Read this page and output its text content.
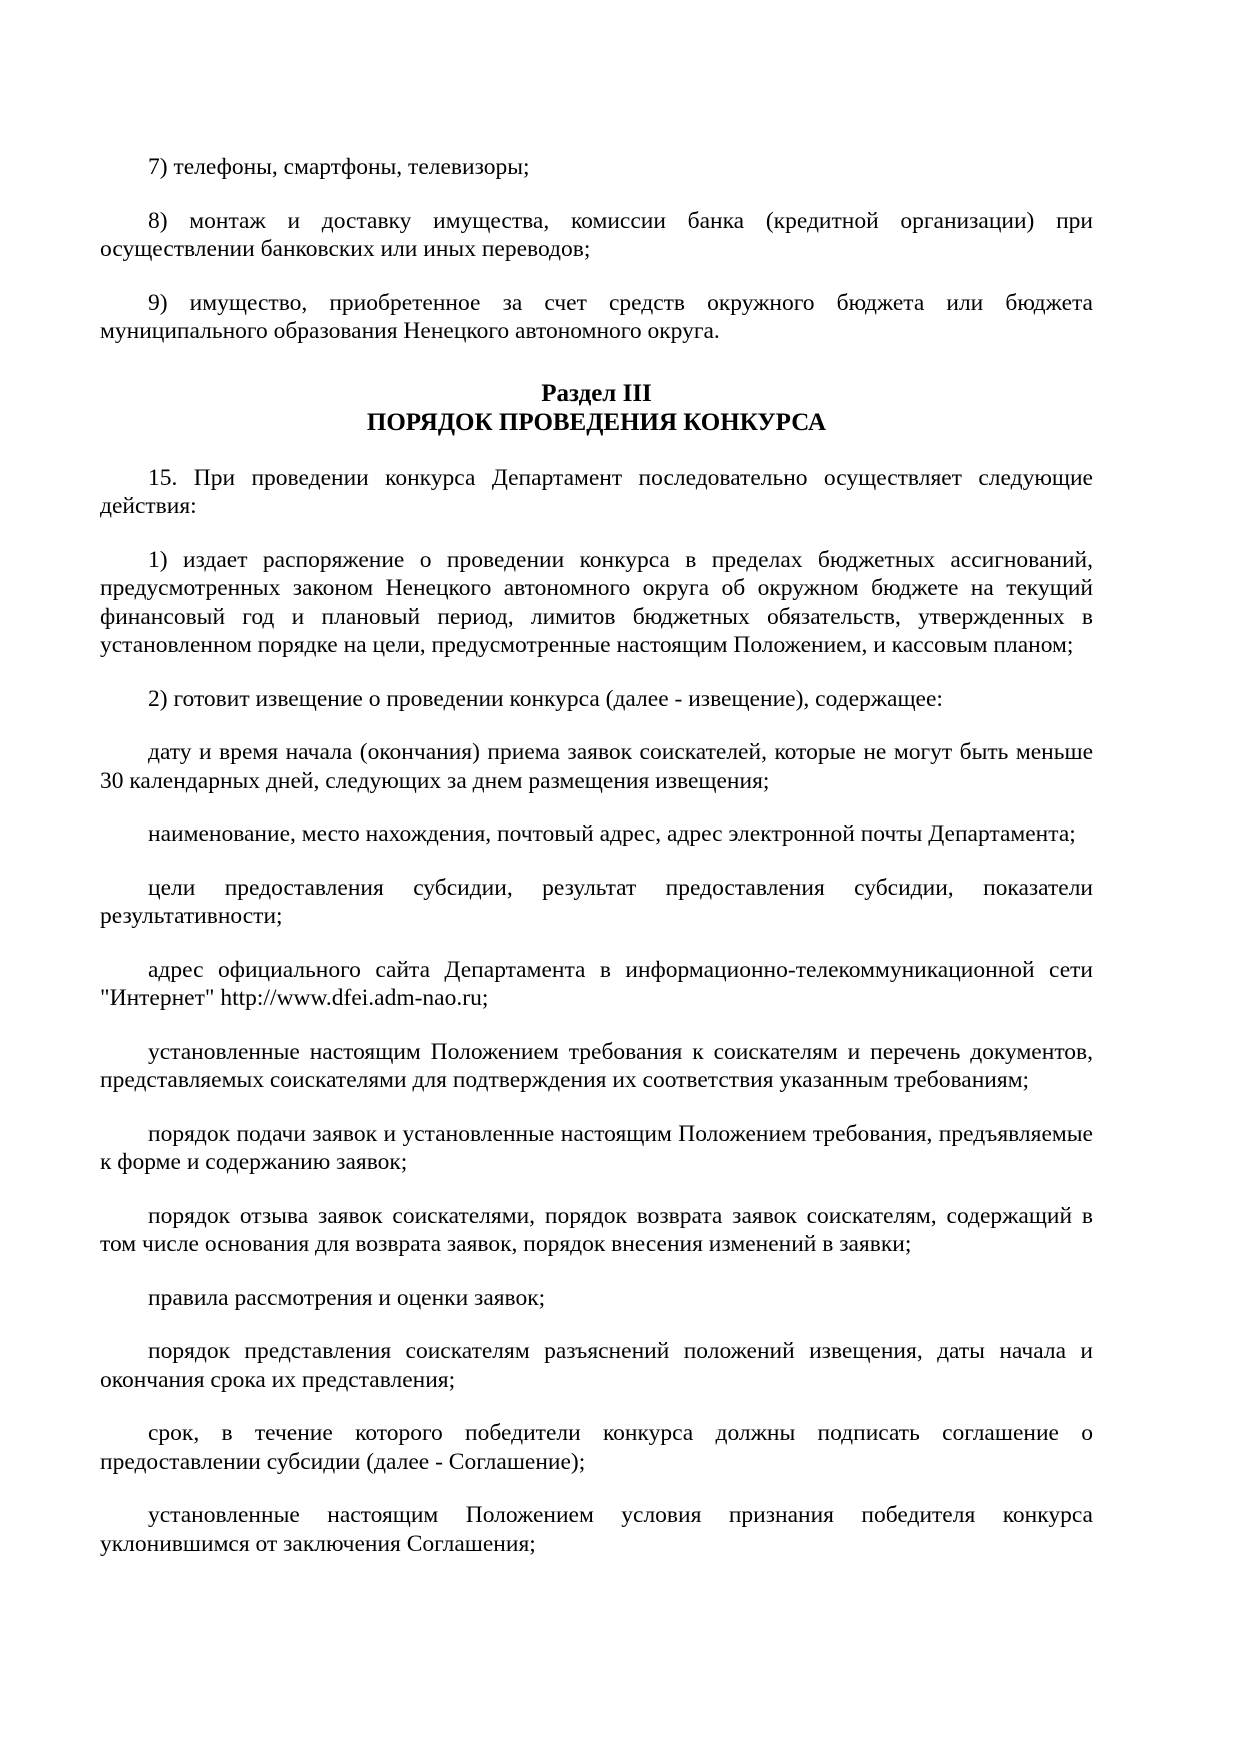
7) телефоны, смартфоны, телевизоры;

8) монтаж и доставку имущества, комиссии банка (кредитной организации) при осуществлении банковских или иных переводов;

9) имущество, приобретенное за счет средств окружного бюджета или бюджета муниципального образования Ненецкого автономного округа.

Раздел III
ПОРЯДОК ПРОВЕДЕНИЯ КОНКУРСА

15. При проведении конкурса Департамент последовательно осуществляет следующие действия:

1) издает распоряжение о проведении конкурса в пределах бюджетных ассигнований, предусмотренных законом Ненецкого автономного округа об окружном бюджете на текущий финансовый год и плановый период, лимитов бюджетных обязательств, утвержденных в установленном порядке на цели, предусмотренные настоящим Положением, и кассовым планом;

2) готовит извещение о проведении конкурса (далее - извещение), содержащее:

дату и время начала (окончания) приема заявок соискателей, которые не могут быть меньше 30 календарных дней, следующих за днем размещения извещения;

наименование, место нахождения, почтовый адрес, адрес электронной почты Департамента;

цели предоставления субсидии, результат предоставления субсидии, показатели результативности;

адрес официального сайта Департамента в информационно-телекоммуникационной сети "Интернет" http://www.dfei.adm-nao.ru;

установленные настоящим Положением требования к соискателям и перечень документов, представляемых соискателями для подтверждения их соответствия указанным требованиям;

порядок подачи заявок и установленные настоящим Положением требования, предъявляемые к форме и содержанию заявок;

порядок отзыва заявок соискателями, порядок возврата заявок соискателям, содержащий в том числе основания для возврата заявок, порядок внесения изменений в заявки;

правила рассмотрения и оценки заявок;

порядок представления соискателям разъяснений положений извещения, даты начала и окончания срока их представления;

срок, в течение которого победители конкурса должны подписать соглашение о предоставлении субсидии (далее - Соглашение);

установленные настоящим Положением условия признания победителя конкурса уклонившимся от заключения Соглашения;
